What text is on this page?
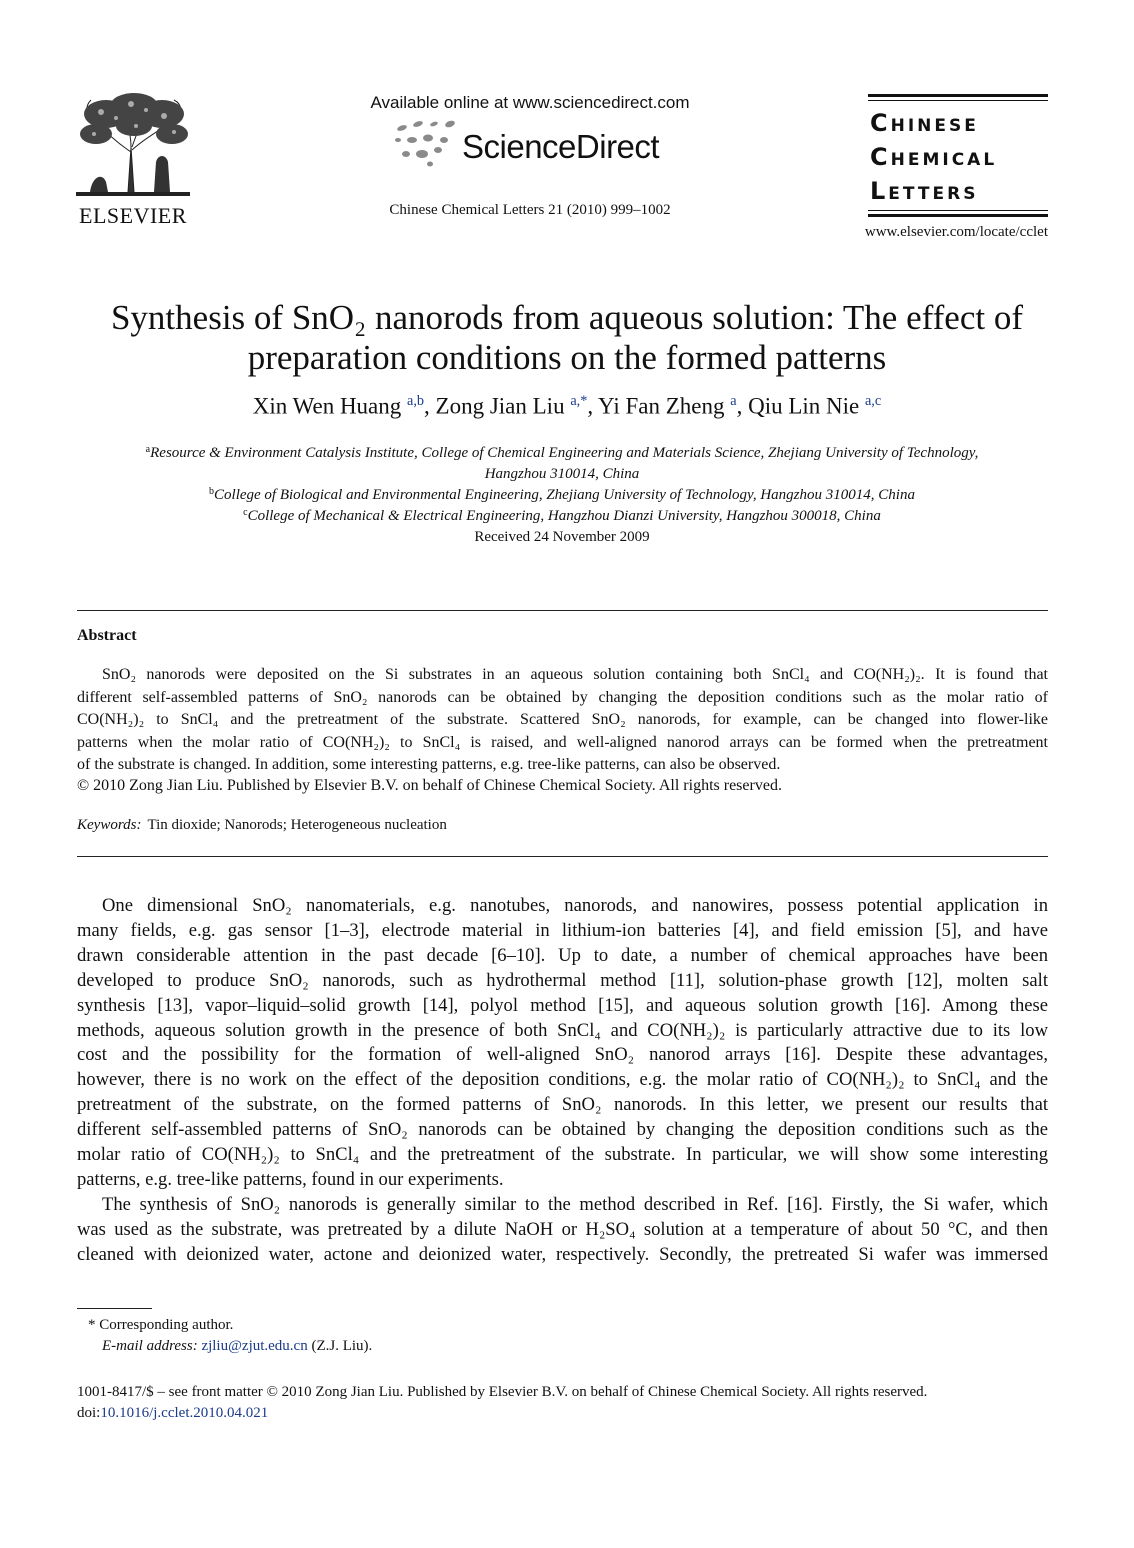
ELSEVIER
Available online at www.sciencedirect.com
ScienceDirect
Chinese Chemical Letters 21 (2010) 999–1002
Chinese
Chemical
Letters
www.elsevier.com/locate/cclet
Synthesis of SnO₂ nanorods from aqueous solution: The effect of
preparation conditions on the formed patterns
Xin Wen Huang $^{a,b}$, Zong Jian Liu $^{a,*}$, Yi Fan Zheng $^a$, Qiu Lin Nie $^{a,c}$
$^a$Resource & Environment Catalysis Institute, College of Chemical Engineering and Materials Science, Zhejiang University of Technology,
Hangzhou 310014, China
$^b$College of Biological and Environmental Engineering, Zhejiang University of Technology, Hangzhou 310014, China
$^c$College of Mechanical & Electrical Engineering, Hangzhou Dianzi University, Hangzhou 300018, China
Received 24 November 2009
Abstract
SnO₂ nanorods were deposited on the Si substrates in an aqueous solution containing both SnCl₄ and CO(NH₂)₂. It is found that
different self-assembled patterns of SnO₂ nanorods can be obtained by changing the deposition conditions such as the molar ratio of
CO(NH₂)₂ to SnCl₄ and the pretreatment of the substrate. Scattered SnO₂ nanorods, for example, can be changed into flower-like
patterns when the molar ratio of CO(NH₂)₂ to SnCl₄ is raised, and well-aligned nanorod arrays can be formed when the pretreatment
of the substrate is changed. In addition, some interesting patterns, e.g. tree-like patterns, can also be observed.
© 2010 Zong Jian Liu. Published by Elsevier B.V. on behalf of Chinese Chemical Society. All rights reserved.
Keywords: Tin dioxide; Nanorods; Heterogeneous nucleation
One dimensional SnO₂ nanomaterials, e.g. nanotubes, nanorods, and nanowires, possess potential application in
many fields, e.g. gas sensor [1–3], electrode material in lithium-ion batteries [4], and field emission [5], and have
drawn considerable attention in the past decade [6–10]. Up to date, a number of chemical approaches have been
developed to produce SnO₂ nanorods, such as hydrothermal method [11], solution-phase growth [12], molten salt
synthesis [13], vapor–liquid–solid growth [14], polyol method [15], and aqueous solution growth [16]. Among these
methods, aqueous solution growth in the presence of both SnCl₄ and CO(NH₂)₂ is particularly attractive due to its low
cost and the possibility for the formation of well-aligned SnO₂ nanorod arrays [16]. Despite these advantages,
however, there is no work on the effect of the deposition conditions, e.g. the molar ratio of CO(NH₂)₂ to SnCl₄ and the
pretreatment of the substrate, on the formed patterns of SnO₂ nanorods. In this letter, we present our results that
different self-assembled patterns of SnO₂ nanorods can be obtained by changing the deposition conditions such as the
molar ratio of CO(NH₂)₂ to SnCl₄ and the pretreatment of the substrate. In particular, we will show some interesting
patterns, e.g. tree-like patterns, found in our experiments.
The synthesis of SnO₂ nanorods is generally similar to the method described in Ref. [16]. Firstly, the Si wafer, which
was used as the substrate, was pretreated by a dilute NaOH or H₂SO₄ solution at a temperature of about 50 °C, and then
cleaned with deionized water, actone and deionized water, respectively. Secondly, the pretreated Si wafer was immersed
* Corresponding author.
E-mail address: zjliu@zjut.edu.cn (Z.J. Liu).
1001-8417/$ – see front matter © 2010 Zong Jian Liu. Published by Elsevier B.V. on behalf of Chinese Chemical Society. All rights reserved.
doi:10.1016/j.cclet.2010.04.021
